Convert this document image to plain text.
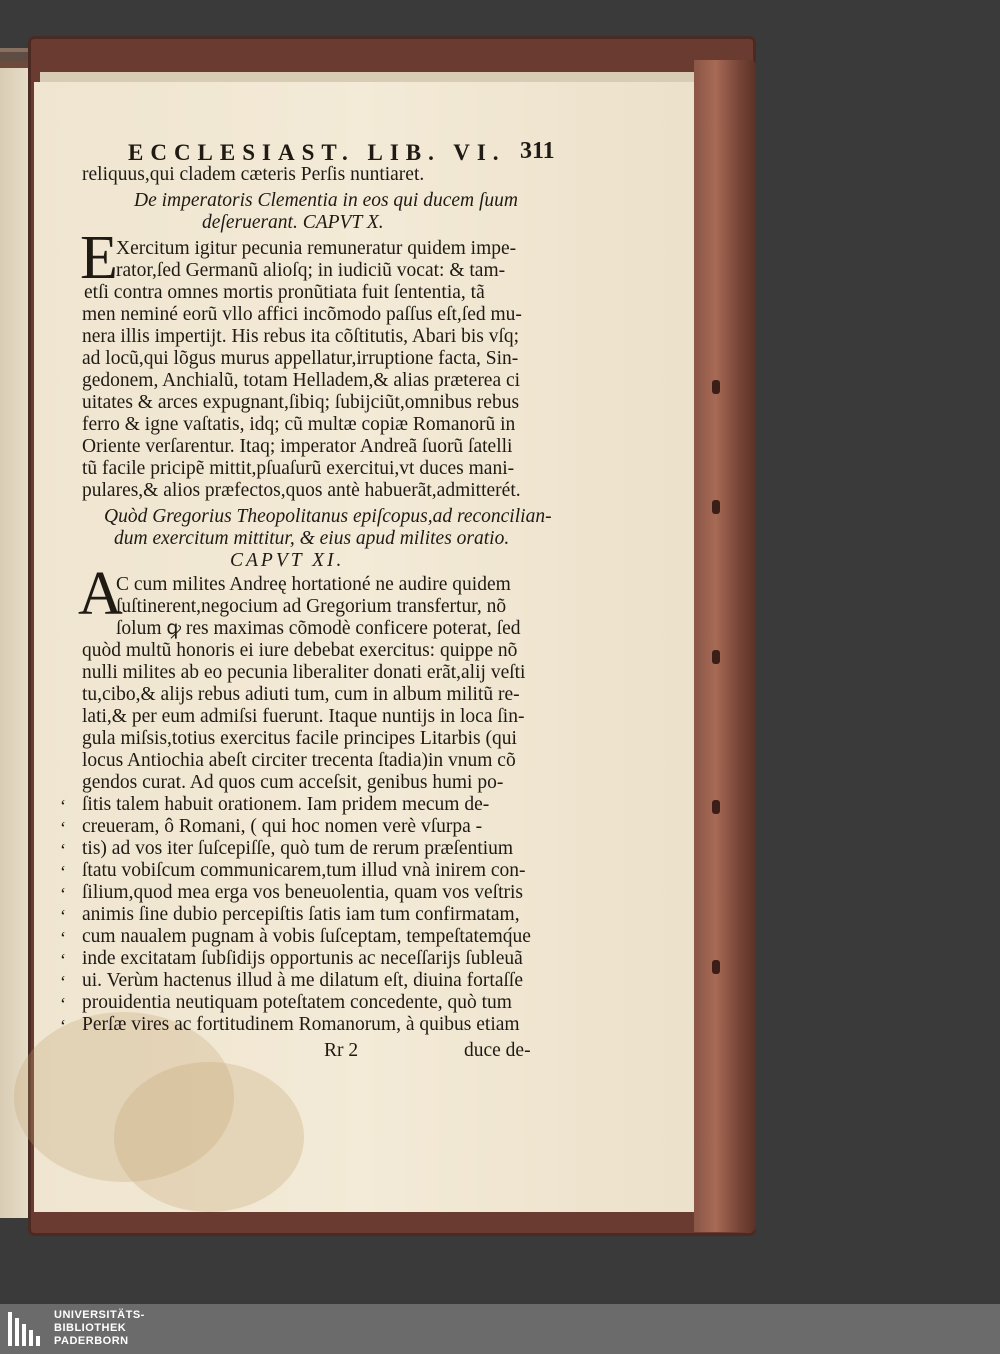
reliquus,qui cladem cæteris Perſis nuntiaret.
De imperatoris Clementia in eos qui ducem ſuum
deſeruerant. CAPVT X.
Xercitum igitur pecunia remuneratur quidem impe-
rator,ſed Germanũ alioſq; in iudiciũ vocat: & tam-
etſi contra omnes mortis pronũtiata fuit ſententia, tã
men neminé eorũ vllo affici incõmodo paſſus eſt,ſed mu-
nera illis impertijt. His rebus ita cõſtitutis, Abari bis vſq;
ad locũ,qui lõgus murus appellatur,irruptione facta, Sin-
gedonem, Anchialũ, totam Helladem,& alias præterea ci
uitates & arces expugnant,ſibiq; ſubijciũt,omnibus rebus
ferro & igne vaſtatis, idq; cũ multæ copiæ Romanorũ in
Oriente verſarentur. Itaq; imperator Andreã ſuorũ ſatelli
tũ facile pricipẽ mittit,pſuaſurũ exercitui,vt duces mani-
pulares,& alios præfectos,quos antè habuerãt,admitterét.
Quòd Gregorius Theopolitanus epiſcopus,ad reconcilian-
dum exercitum mittitur, & eius apud milites oratio.
CAPVT XI.
C cum milites Andreę hortationé ne audire quidem
ſuſtinerent,negocium ad Gregorium transfertur, nõ
ſolum ꝙ res maximas cõmodè conficere poterat, ſed
quòd multũ honoris ei iure debebat exercitus: quippe nõ
nulli milites ab eo pecunia liberaliter donati erãt,alij veſti
tu,cibo,& alijs rebus adiuti tum, cum in album militũ re-
lati,& per eum admiſsi fuerunt. Itaque nuntijs in loca ſin-
gula miſsis,totius exercitus facile principes Litarbis (qui
locus Antiochia abeſt circiter trecenta ſtadia)in vnum cõ
gendos curat. Ad quos cum acceſsit, genibus humi po-
ſitis talem habuit orationem. Iam pridem mecum de-
creueram, ô Romani, ( qui hoc nomen verè vſurpa -
tis) ad vos iter ſuſcepiſſe, quò tum de rerum præſentium
ſtatu vobiſcum communicarem,tum illud vnà inirem con-
ſilium,quod mea erga vos beneuolentia, quam vos veſtris
animis ſine dubio percepiſtis ſatis iam tum confirmatam,
cum naualem pugnam à vobis ſuſceptam, tempeſtatemq́ue
inde excitatam ſubſidijs opportunis ac neceſſarijs ſubleuã
ui. Verùm hactenus illud à me dilatum eſt, diuina fortaſſe
prouidentia neutiquam poteſtatem concedente, quò tum
Perſæ vires ac fortitudinem Romanorum, à quibus etiam
ECCLESIAST. LIB. VI. 311
E
A
‘
‘
‘
‘
‘
‘
‘
‘
‘
‘
‘
Rr 2	duce de-
UNIVERSITÄTS-
BIBLIOTHEK
PADERBORN
